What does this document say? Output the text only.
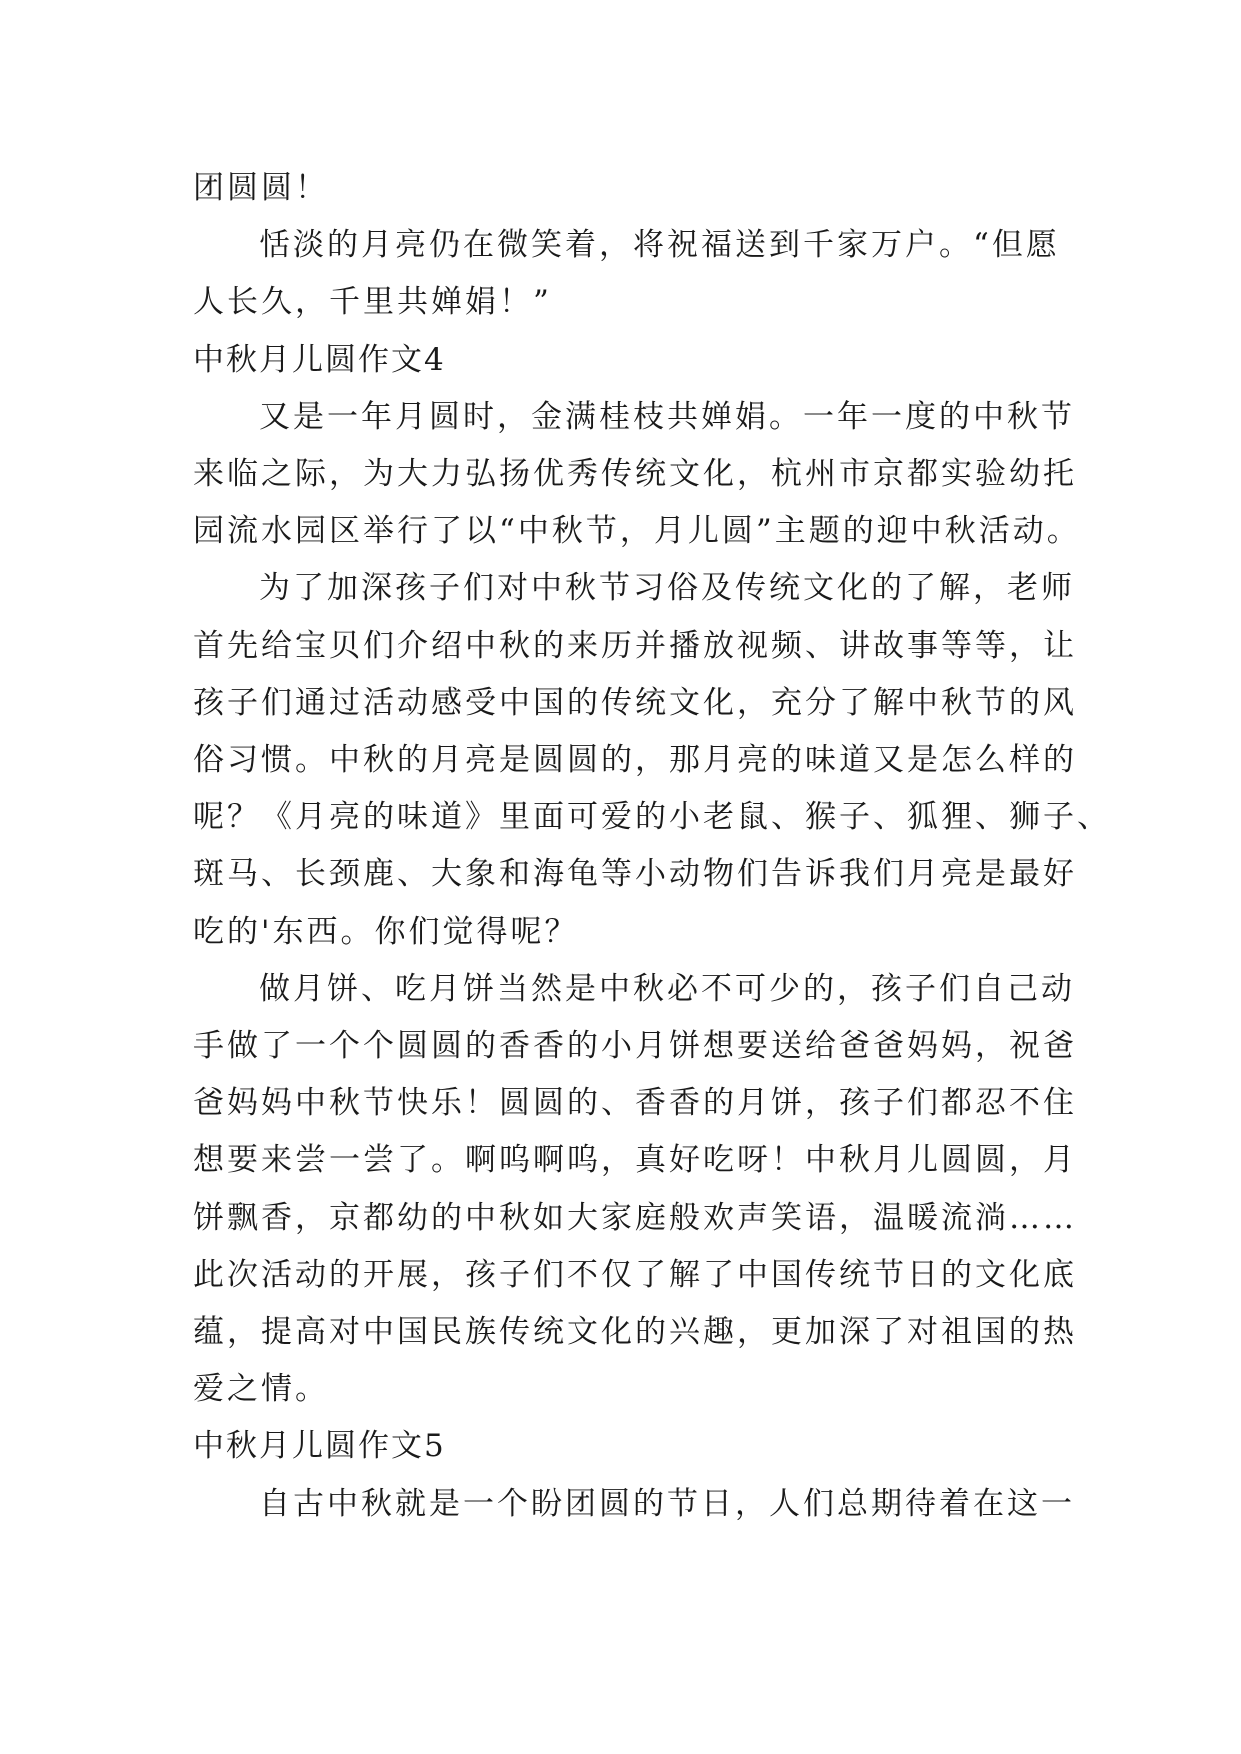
团圆圆！
恬淡的月亮仍在微笑着，将祝福送到千家万户。“但愿
人长久，千里共婵娟！”
中秋月儿圆作文4
又是一年月圆时，金满桂枝共婵娟。一年一度的中秋节
来临之际，为大力弘扬优秀传统文化，杭州市京都实验幼托
园流水园区举行了以“中秋节，月儿圆”主题的迎中秋活动。
为了加深孩子们对中秋节习俗及传统文化的了解，老师
首先给宝贝们介绍中秋的来历并播放视频、讲故事等等，让
孩子们通过活动感受中国的传统文化，充分了解中秋节的风
俗习惯。中秋的月亮是圆圆的，那月亮的味道又是怎么样的
呢？《月亮的味道》里面可爱的小老鼠、猴子、狐狸、狮子、
斑马、长颈鹿、大象和海龟等小动物们告诉我们月亮是最好
吃的'东西。你们觉得呢？
做月饼、吃月饼当然是中秋必不可少的，孩子们自己动
手做了一个个圆圆的香香的小月饼想要送给爸爸妈妈，祝爸
爸妈妈中秋节快乐！圆圆的、香香的月饼，孩子们都忍不住
想要来尝一尝了。啊呜啊呜，真好吃呀！中秋月儿圆圆，月
饼飘香，京都幼的中秋如大家庭般欢声笑语，温暖流淌……
此次活动的开展，孩子们不仅了解了中国传统节日的文化底
蕴，提高对中国民族传统文化的兴趣，更加深了对祖国的热
爱之情。
中秋月儿圆作文5
自古中秋就是一个盼团圆的节日，人们总期待着在这一
